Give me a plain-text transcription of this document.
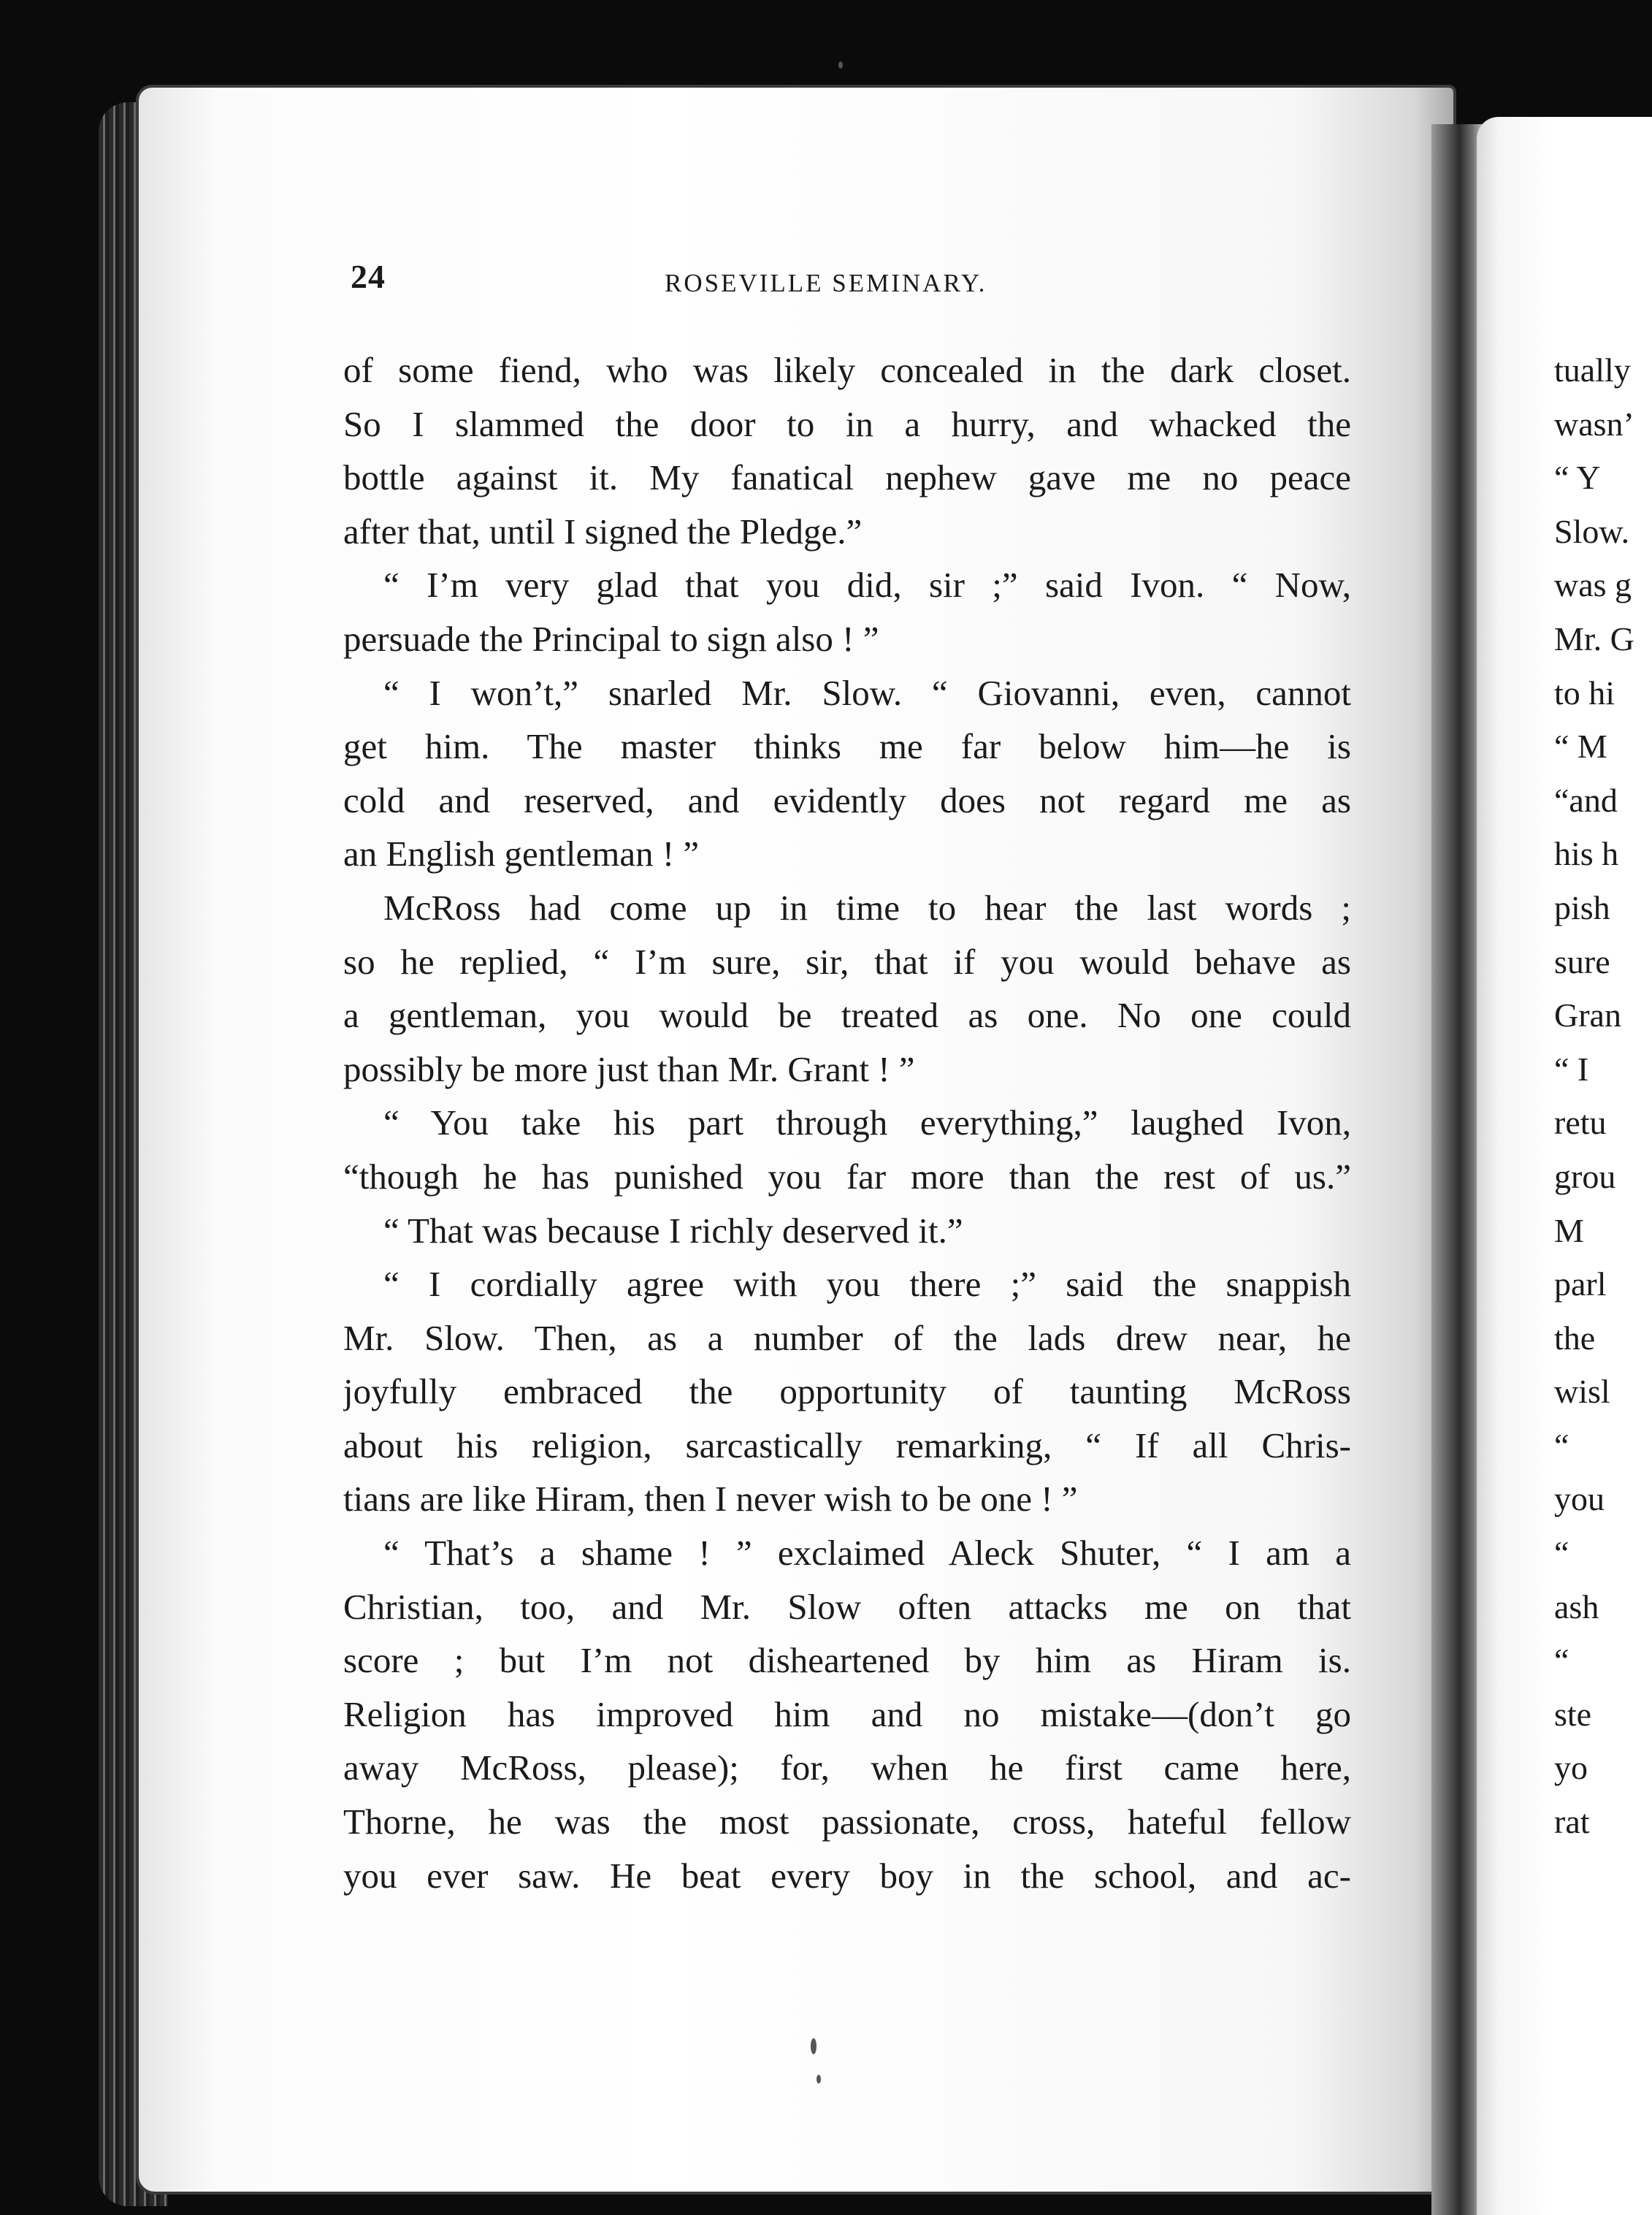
24	ROSEVILLE SEMINARY.
of some fiend, who was likely concealed in the dark closet.
So I slammed the door to in a hurry, and whacked the
bottle against it. My fanatical nephew gave me no peace
after that, until I signed the Pledge.”
“ I’m very glad that you did, sir ;” said Ivon. “ Now,
persuade the Principal to sign also ! ”
“ I won’t,” snarled Mr. Slow. “ Giovanni, even, cannot
get him. The master thinks me far below him—he is
cold and reserved, and evidently does not regard me as
an English gentleman ! ”
McRoss had come up in time to hear the last words ;
so he replied, “ I’m sure, sir, that if you would behave as
a gentleman, you would be treated as one. No one could
possibly be more just than Mr. Grant ! ”
“ You take his part through everything,” laughed Ivon,
“though he has punished you far more than the rest of us.”
“ That was because I richly deserved it.”
“ I cordially agree with you there ;” said the snappish
Mr. Slow. Then, as a number of the lads drew near, he
joyfully embraced the opportunity of taunting McRoss
about his religion, sarcastically remarking, “ If all Chris-
tians are like Hiram, then I never wish to be one ! ”
“ That’s a shame ! ” exclaimed Aleck Shuter, “ I am a
Christian, too, and Mr. Slow often attacks me on that
score ; but I’m not disheartened by him as Hiram is.
Religion has improved him and no mistake—(don’t go
away McRoss, please); for, when he first came here,
Thorne, he was the most passionate, cross, hateful fellow
you ever saw. He beat every boy in the school, and ac-
tually
wasn’
“ Y
Slow.
was g
Mr. G
to hi
“ M
“and
his h
pish
sure
Gran
“ I
retu
grou
M
parl
the
wisl
“
you
“
ash
“
ste
yo
rat
